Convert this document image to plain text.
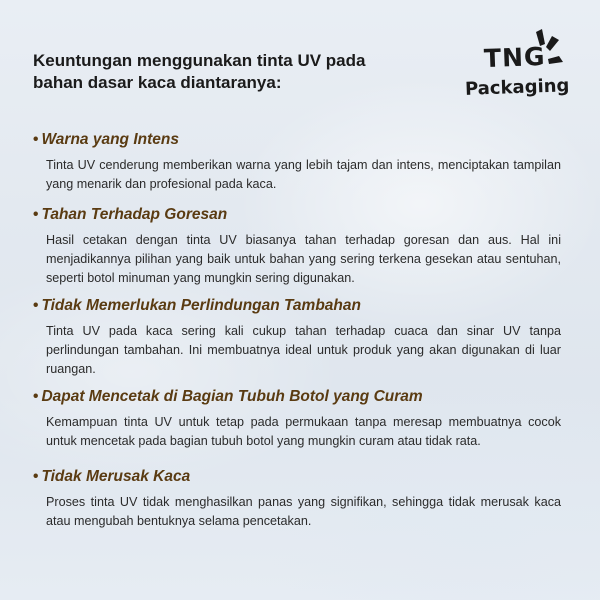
Keuntungan menggunakan tinta UV pada bahan dasar kaca diantaranya:

TNG

Packaging

• Warna yang Intens

Tinta UV cenderung memberikan warna yang lebih tajam dan intens, menciptakan tampilan yang menarik dan profesional pada kaca.

• Tahan Terhadap Goresan

Hasil cetakan dengan tinta UV biasanya tahan terhadap goresan dan aus. Hal ini menjadikannya pilihan yang baik untuk bahan yang sering terkena gesekan atau sentuhan, seperti botol minuman yang mungkin sering digunakan.

• Tidak Memerlukan Perlindungan Tambahan

Tinta UV pada kaca sering kali cukup tahan terhadap cuaca dan sinar UV tanpa perlindungan tambahan. Ini membuatnya ideal untuk produk yang akan digunakan di luar ruangan.

• Dapat Mencetak di Bagian Tubuh Botol yang Curam

Kemampuan tinta UV untuk tetap pada permukaan tanpa meresap membuatnya cocok untuk mencetak pada bagian tubuh botol yang mungkin curam atau tidak rata.

• Tidak Merusak Kaca

Proses tinta UV tidak menghasilkan panas yang signifikan, sehingga tidak merusak kaca atau mengubah bentuknya selama pencetakan.
